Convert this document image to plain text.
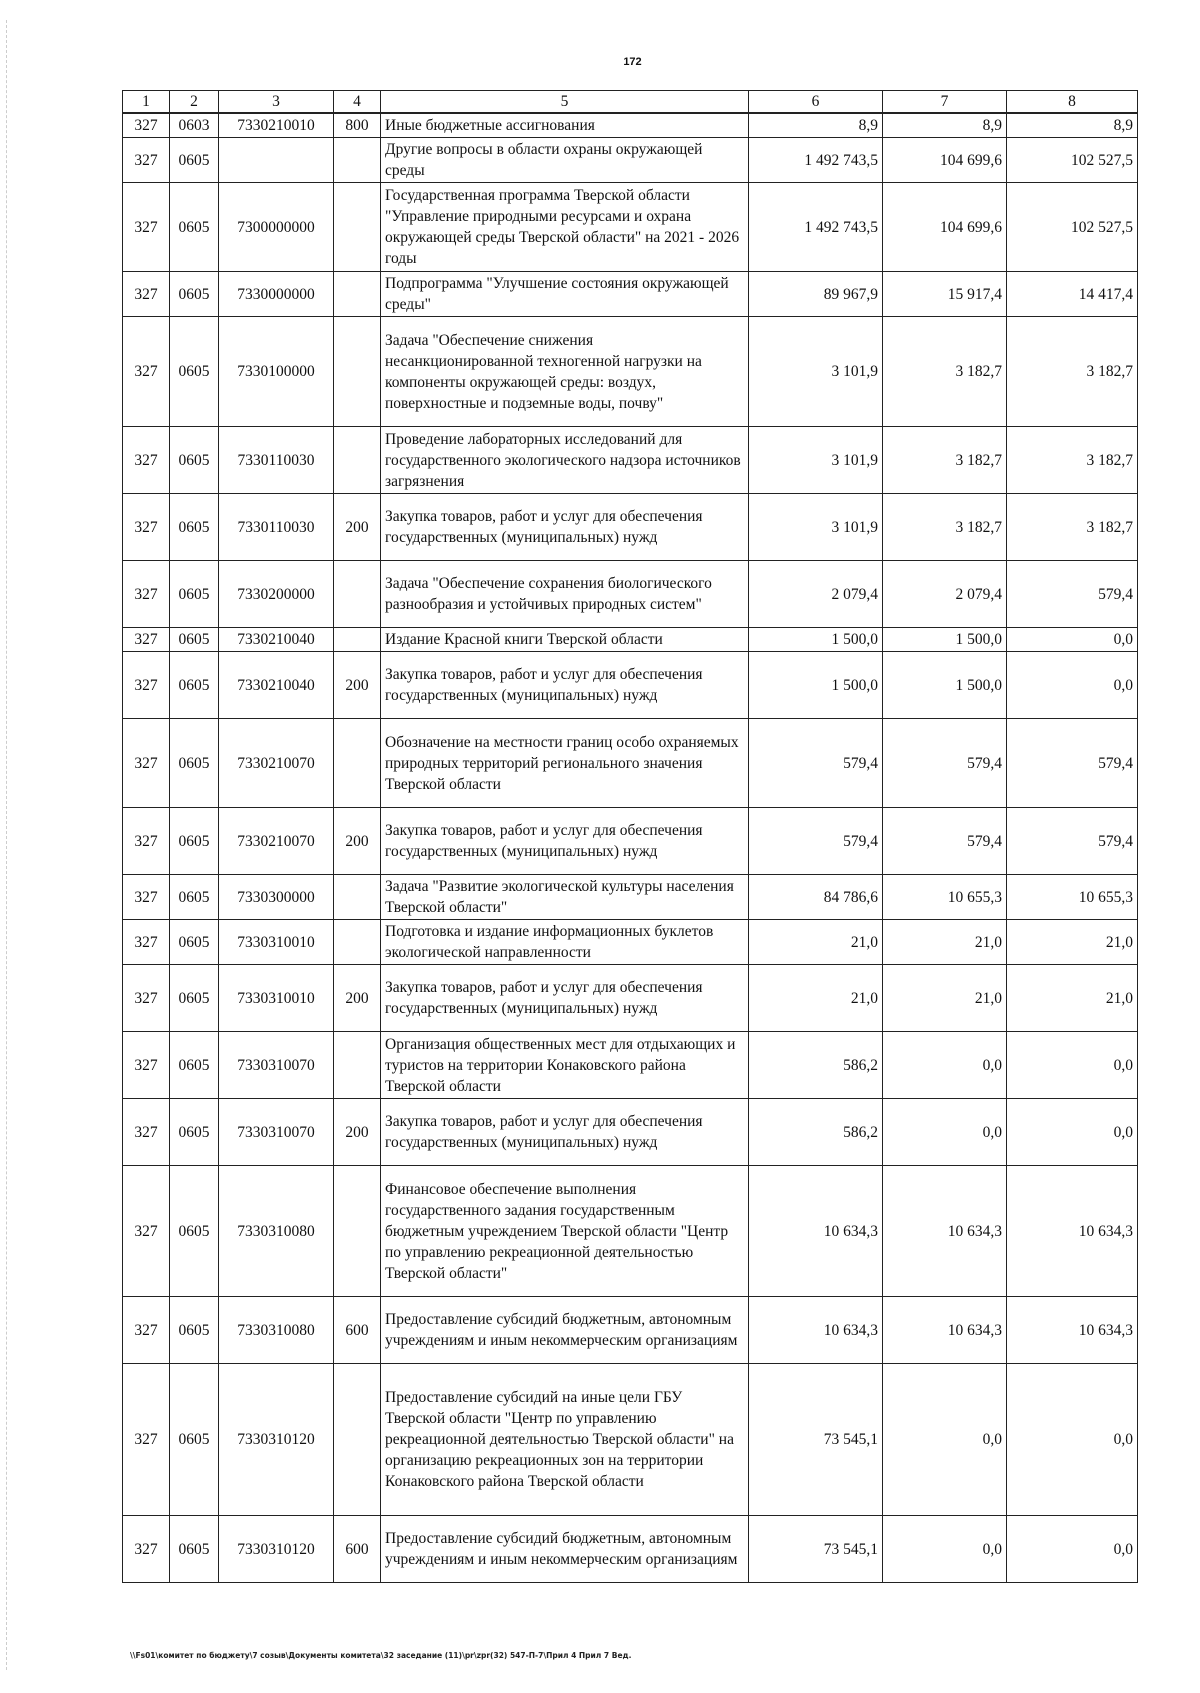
172
1	2	3	4	5	6	7	8
327	0603	7330210010	800	Иные бюджетные ассигнования	8,9	8,9	8,9
327	0605			Другие вопросы в области охраны окружающей среды	1 492 743,5	104 699,6	102 527,5
327	0605	7300000000		Государственная программа Тверской области "Управление природными ресурсами и охрана окружающей среды Тверской области" на 2021 - 2026 годы	1 492 743,5	104 699,6	102 527,5
327	0605	7330000000		Подпрограмма "Улучшение состояния окружающей среды"	89 967,9	15 917,4	14 417,4
327	0605	7330100000		Задача "Обеспечение снижения несанкционированной техногенной нагрузки на компоненты окружающей среды: воздух, поверхностные и подземные воды, почву"	3 101,9	3 182,7	3 182,7
327	0605	7330110030		Проведение лабораторных исследований для государственного экологического надзора источников загрязнения	3 101,9	3 182,7	3 182,7
327	0605	7330110030	200	Закупка товаров, работ и услуг для обеспечения государственных (муниципальных) нужд	3 101,9	3 182,7	3 182,7
327	0605	7330200000		Задача "Обеспечение сохранения биологического разнообразия и устойчивых природных систем"	2 079,4	2 079,4	579,4
327	0605	7330210040		Издание Красной книги Тверской области	1 500,0	1 500,0	0,0
327	0605	7330210040	200	Закупка товаров, работ и услуг для обеспечения государственных (муниципальных) нужд	1 500,0	1 500,0	0,0
327	0605	7330210070		Обозначение на местности границ особо охраняемых природных территорий регионального значения Тверской области	579,4	579,4	579,4
327	0605	7330210070	200	Закупка товаров, работ и услуг для обеспечения государственных (муниципальных) нужд	579,4	579,4	579,4
327	0605	7330300000		Задача "Развитие экологической культуры населения Тверской области"	84 786,6	10 655,3	10 655,3
327	0605	7330310010		Подготовка и издание информационных буклетов экологической направленности	21,0	21,0	21,0
327	0605	7330310010	200	Закупка товаров, работ и услуг для обеспечения государственных (муниципальных) нужд	21,0	21,0	21,0
327	0605	7330310070		Организация общественных мест для отдыхающих и туристов на территории Конаковского района Тверской области	586,2	0,0	0,0
327	0605	7330310070	200	Закупка товаров, работ и услуг для обеспечения государственных (муниципальных) нужд	586,2	0,0	0,0
327	0605	7330310080		Финансовое обеспечение выполнения государственного задания государственным бюджетным учреждением Тверской области "Центр по управлению рекреационной деятельностью Тверской области"	10 634,3	10 634,3	10 634,3
327	0605	7330310080	600	Предоставление субсидий бюджетным, автономным учреждениям и иным некоммерческим организациям	10 634,3	10 634,3	10 634,3
327	0605	7330310120		Предоставление субсидий на иные цели ГБУ Тверской области "Центр по управлению рекреационной деятельностью Тверской области" на организацию рекреационных зон на территории Конаковского района Тверской области	73 545,1	0,0	0,0
327	0605	7330310120	600	Предоставление субсидий бюджетным, автономным учреждениям и иным некоммерческим организациям	73 545,1	0,0	0,0
\\Fs01\комитет по бюджету\7 созыв\Документы комитета\32 заседание (11)\pr\zpr(32) 547-П-7\Прил 4 Прил 7 Вед.
